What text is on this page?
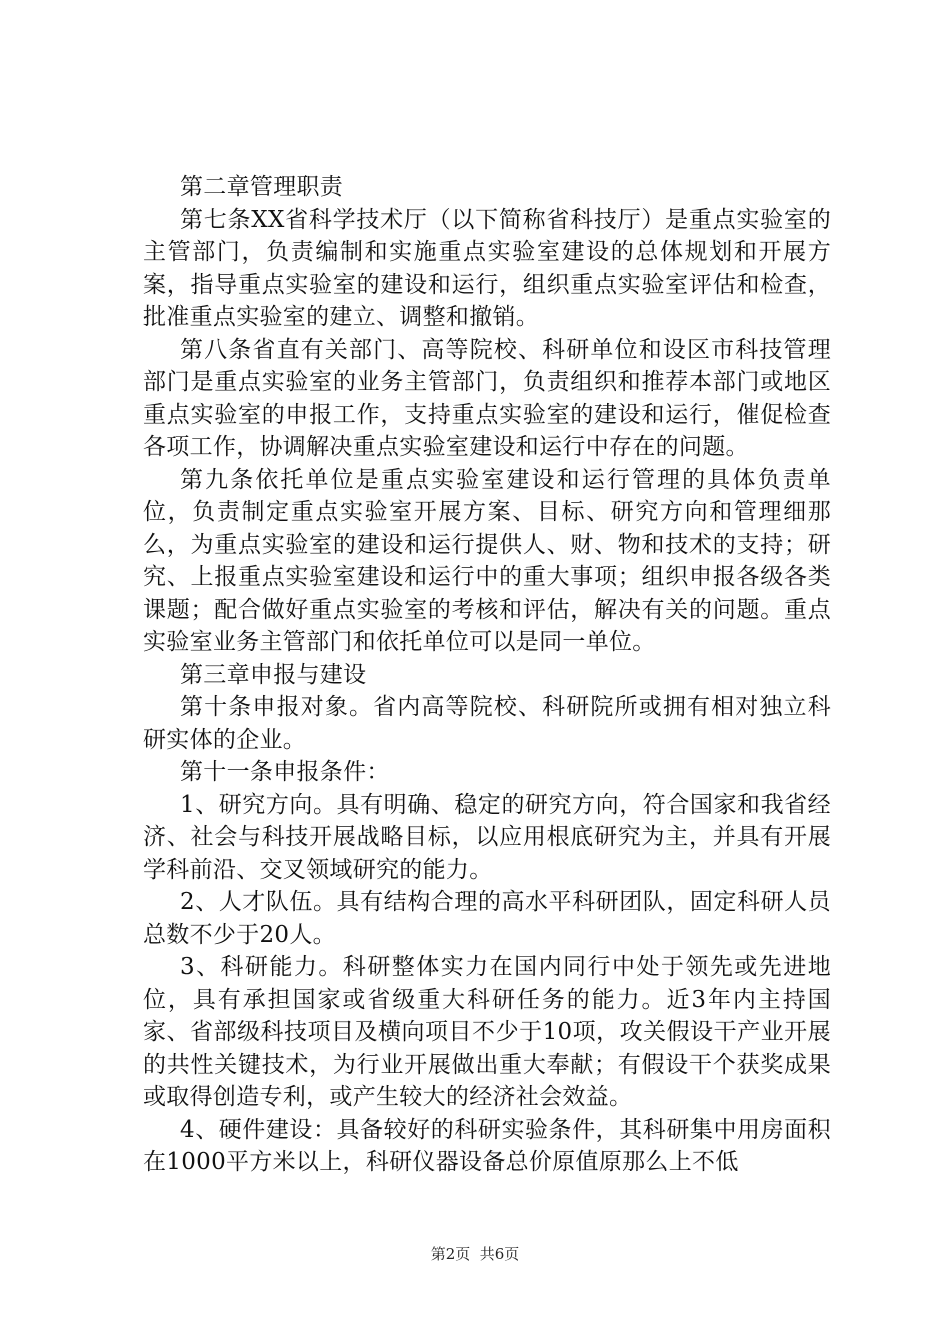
第二章管理职责

第七条XX省科学技术厅（以下简称省科技厅）是重点实验室的主管部门，负责编制和实施重点实验室建设的总体规划和开展方案，指导重点实验室的建设和运行，组织重点实验室评估和检查，批准重点实验室的建立、调整和撤销。

第八条省直有关部门、高等院校、科研单位和设区市科技管理部门是重点实验室的业务主管部门，负责组织和推荐本部门或地区重点实验室的申报工作，支持重点实验室的建设和运行，催促检查各项工作，协调解决重点实验室建设和运行中存在的问题。

第九条依托单位是重点实验室建设和运行管理的具体负责单位，负责制定重点实验室开展方案、目标、研究方向和管理细那么，为重点实验室的建设和运行提供人、财、物和技术的支持；研究、上报重点实验室建设和运行中的重大事项；组织申报各级各类课题；配合做好重点实验室的考核和评估，解决有关的问题。重点实验室业务主管部门和依托单位可以是同一单位。

第三章申报与建设

第十条申报对象。省内高等院校、科研院所或拥有相对独立科研实体的企业。

第十一条申报条件：

1、研究方向。具有明确、稳定的研究方向，符合国家和我省经济、社会与科技开展战略目标，以应用根底研究为主，并具有开展学科前沿、交叉领域研究的能力。

2、人才队伍。具有结构合理的高水平科研团队，固定科研人员总数不少于20人。

3、科研能力。科研整体实力在国内同行中处于领先或先进地位，具有承担国家或省级重大科研任务的能力。近3年内主持国家、省部级科技项目及横向项目不少于10项，攻关假设干产业开展的共性关键技术，为行业开展做出重大奉献；有假设干个获奖成果或取得创造专利，或产生较大的经济社会效益。

4、硬件建设：具备较好的科研实验条件，其科研集中用房面积在1000平方米以上，科研仪器设备总价原值原那么上不低

第2页  共6页
